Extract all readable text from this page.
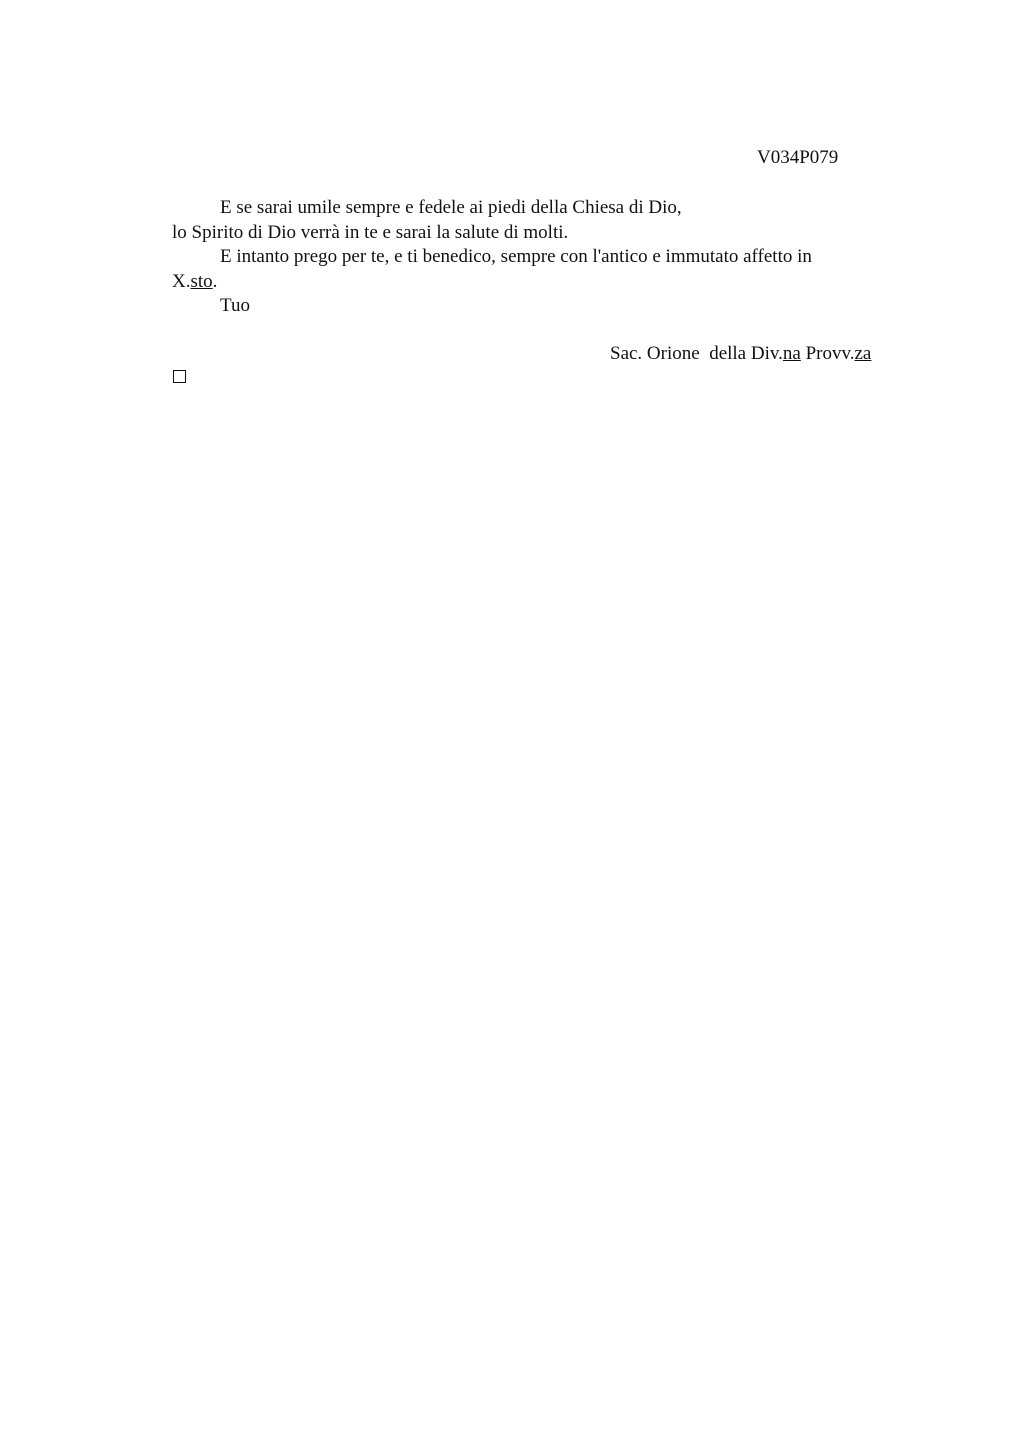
V034P079
E se sarai umile sempre e fedele ai piedi della Chiesa di Dio,
lo Spirito di Dio verrà in te e sarai la salute di molti.
E intanto prego per te, e ti benedico, sempre con l'antico e immutato affetto in
X.sto.
Tuo
Sac. Orione  della Div.na Provv.za
